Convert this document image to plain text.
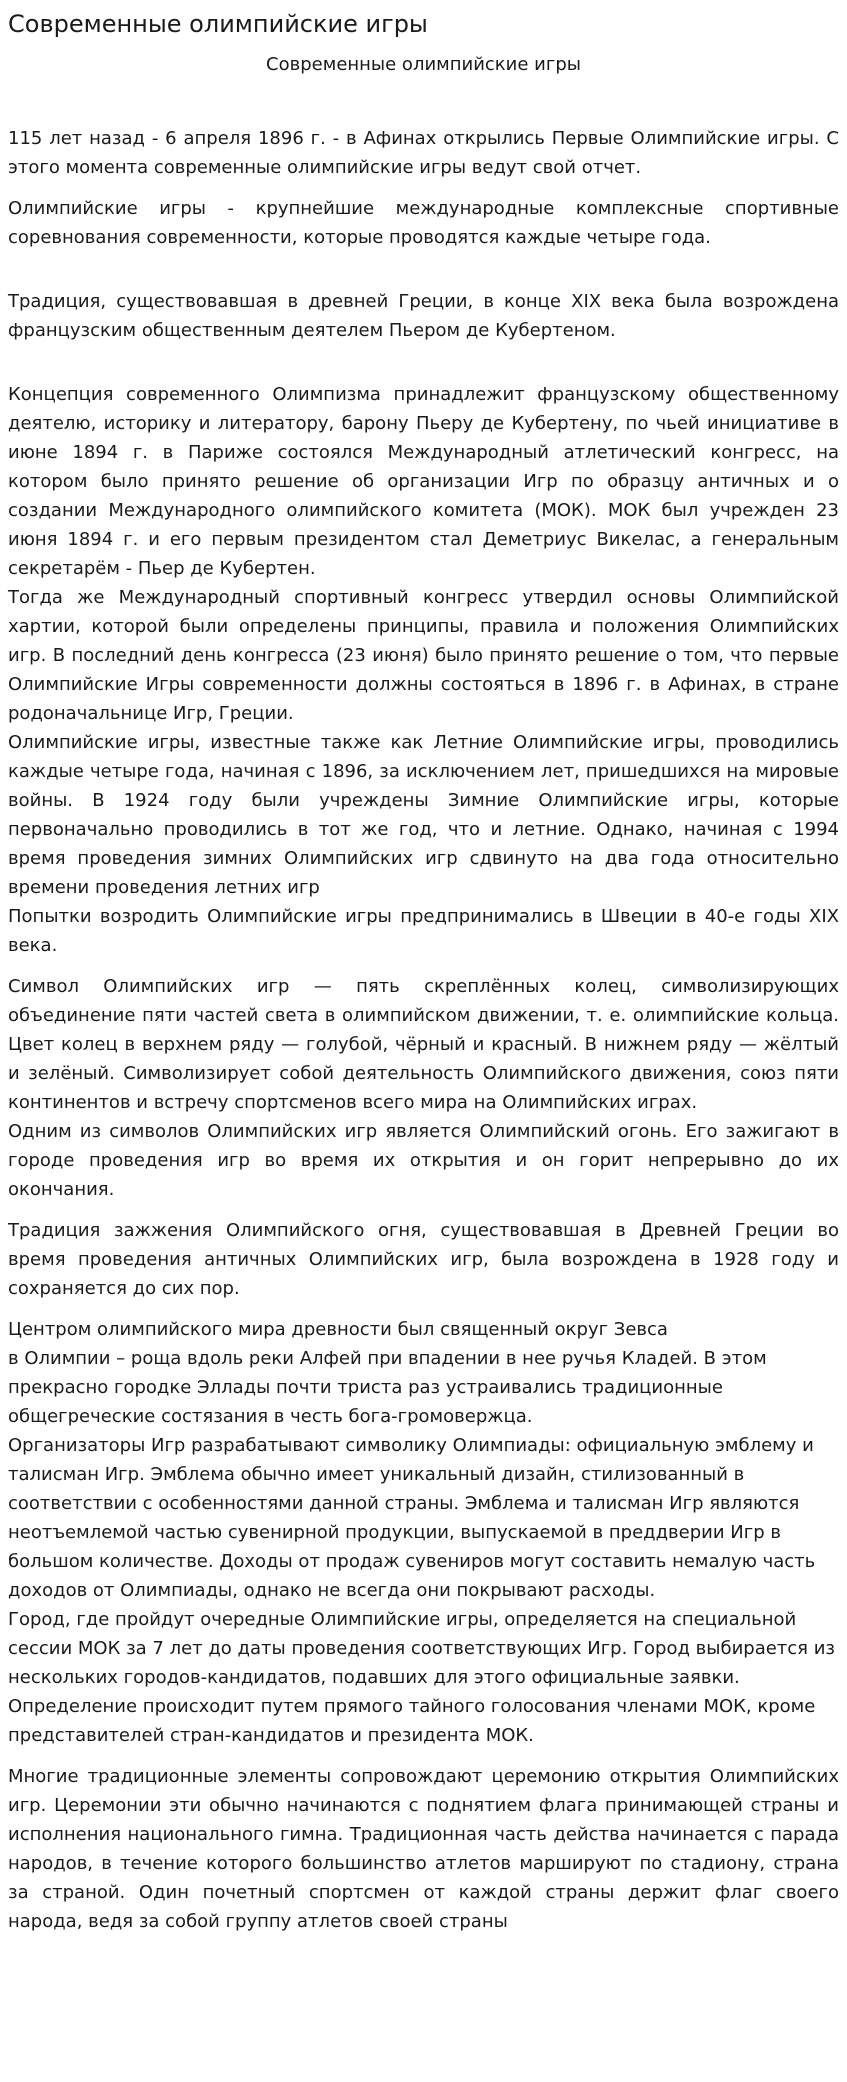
Современные олимпийские игры
Современные олимпийские игры

115 лет назад - 6 апреля 1896 г. - в Афинах открылись Первые Олимпийские игры. С этого момента современные олимпийские игры ведут свой отчет.

Олимпийские игры - крупнейшие международные комплексные спортивные соревнования современности, которые проводятся каждые четыре года.

Традиция, существовавшая в древней Греции, в конце XIX века была возрождена французским общественным деятелем Пьером де Кубертеном.

Концепция современного Олимпизма принадлежит французскому общественному деятелю, историку и литератору, барону Пьеру де Кубертену, по чьей инициативе в июне 1894 г. в Париже состоялся Международный атлетический конгресс, на котором было принято решение об организации Игр по образцу античных и о создании Международного олимпийского комитета (МОК). МОК был учрежден 23 июня 1894 г. и его первым президентом стал Деметриус Викелас, а генеральным секретарём - Пьер де Кубертен.

Тогда же Международный спортивный конгресс утвердил основы Олимпийской хартии, которой были определены принципы, правила и положения Олимпийских игр. В последний день конгресса (23 июня) было принято решение о том, что первые Олимпийские Игры современности должны состояться в 1896 г. в Афинах, в стране родоначальнице Игр, Греции.

Олимпийские игры, известные также как Летние Олимпийские игры, проводились каждые четыре года, начиная с 1896, за исключением лет, пришедшихся на мировые войны. В 1924 году были учреждены Зимние Олимпийские игры, которые первоначально проводились в тот же год, что и летние. Однако, начиная с 1994 время проведения зимних Олимпийских игр сдвинуто на два года относительно времени проведения летних игр

Попытки возродить Олимпийские игры предпринимались в Швеции в 40-е годы XIX века.

Символ Олимпийских игр — пять скреплённых колец, символизирующих объединение пяти частей света в олимпийском движении, т. е. олимпийские кольца. Цвет колец в верхнем ряду — голубой, чёрный и красный. В нижнем ряду — жёлтый и зелёный. Символизирует собой деятельность Олимпийского движения, союз пяти континентов и встречу спортсменов всего мира на Олимпийских играх.

Одним из символов Олимпийских игр является Олимпийский огонь. Его зажигают в городе проведения игр во время их открытия и он горит непрерывно до их окончания.

Традиция зажжения Олимпийского огня, существовавшая в Древней Греции во время проведения античных Олимпийских игр, была возрождена в 1928 году и сохраняется до сих пор.

Центром олимпийского мира древности был священный округ Зевса
в Олимпии – роща вдоль реки Алфей при впадении в нее ручья Кладей. В этом прекрасно городке Эллады почти триста раз устраивались традиционные общегреческие состязания в честь бога-громовержца.

Организаторы Игр разрабатывают символику Олимпиады: официальную эмблему и талисман Игр. Эмблема обычно имеет уникальный дизайн, стилизованный в соответствии с особенностями данной страны. Эмблема и талисман Игр являются неотъемлемой частью сувенирной продукции, выпускаемой в преддверии Игр в большом количестве. Доходы от продаж сувениров могут составить немалую часть доходов от Олимпиады, однако не всегда они покрывают расходы.

Город, где пройдут очередные Олимпийские игры, определяется на специальной сессии МОК за 7 лет до даты проведения соответствующих Игр. Город выбирается из нескольких городов-кандидатов, подавших для этого официальные заявки. Определение происходит путем прямого тайного голосования членами МОК, кроме представителей стран-кандидатов и президента МОК.

Многие традиционные элементы сопровождают церемонию открытия Олимпийских игр. Церемонии эти обычно начинаются с поднятием флага принимающей страны и исполнения национального гимна. Традиционная часть действа начинается с парада народов, в течение которого большинство атлетов маршируют по стадиону, страна за страной. Один почетный спортсмен от каждой страны держит флаг своего народа, ведя за собой группу атлетов своей страны
